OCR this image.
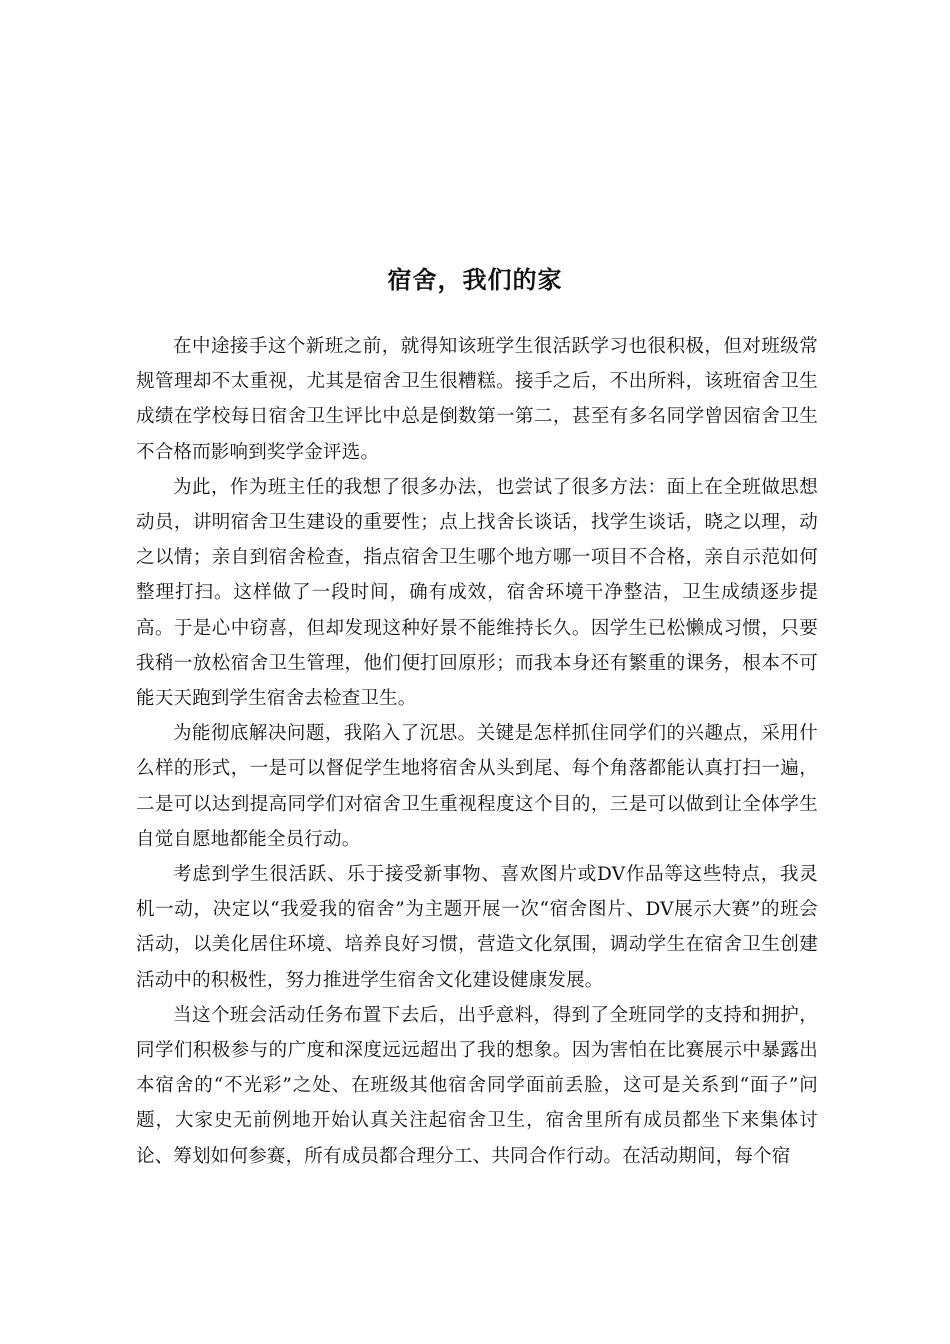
宿舍，我们的家

在中途接手这个新班之前，就得知该班学生很活跃学习也很积极，但对班级常规管理却不太重视，尤其是宿舍卫生很糟糕。接手之后，不出所料，该班宿舍卫生成绩在学校每日宿舍卫生评比中总是倒数第一第二，甚至有多名同学曾因宿舍卫生不合格而影响到奖学金评选。

为此，作为班主任的我想了很多办法，也尝试了很多方法：面上在全班做思想动员，讲明宿舍卫生建设的重要性；点上找舍长谈话，找学生谈话，晓之以理，动之以情；亲自到宿舍检查，指点宿舍卫生哪个地方哪一项目不合格，亲自示范如何整理打扫。这样做了一段时间，确有成效，宿舍环境干净整洁，卫生成绩逐步提高。于是心中窃喜，但却发现这种好景不能维持长久。因学生已松懒成习惯，只要我稍一放松宿舍卫生管理，他们便打回原形；而我本身还有繁重的课务，根本不可能天天跑到学生宿舍去检查卫生。

为能彻底解决问题，我陷入了沉思。关键是怎样抓住同学们的兴趣点，采用什么样的形式，一是可以督促学生地将宿舍从头到尾、每个角落都能认真打扫一遍，二是可以达到提高同学们对宿舍卫生重视程度这个目的，三是可以做到让全体学生自觉自愿地都能全员行动。

考虑到学生很活跃、乐于接受新事物、喜欢图片或DV作品等这些特点，我灵机一动，决定以“我爱我的宿舍”为主题开展一次“宿舍图片、DV展示大赛”的班会活动，以美化居住环境、培养良好习惯，营造文化氛围，调动学生在宿舍卫生创建活动中的积极性，努力推进学生宿舍文化建设健康发展。

当这个班会活动任务布置下去后，出乎意料，得到了全班同学的支持和拥护，同学们积极参与的广度和深度远远超出了我的想象。因为害怕在比赛展示中暴露出本宿舍的“不光彩”之处、在班级其他宿舍同学面前丢脸，这可是关系到“面子”问题，大家史无前例地开始认真关注起宿舍卫生，宿舍里所有成员都坐下来集体讨论、筹划如何参赛，所有成员都合理分工、共同合作行动。在活动期间，每个宿
